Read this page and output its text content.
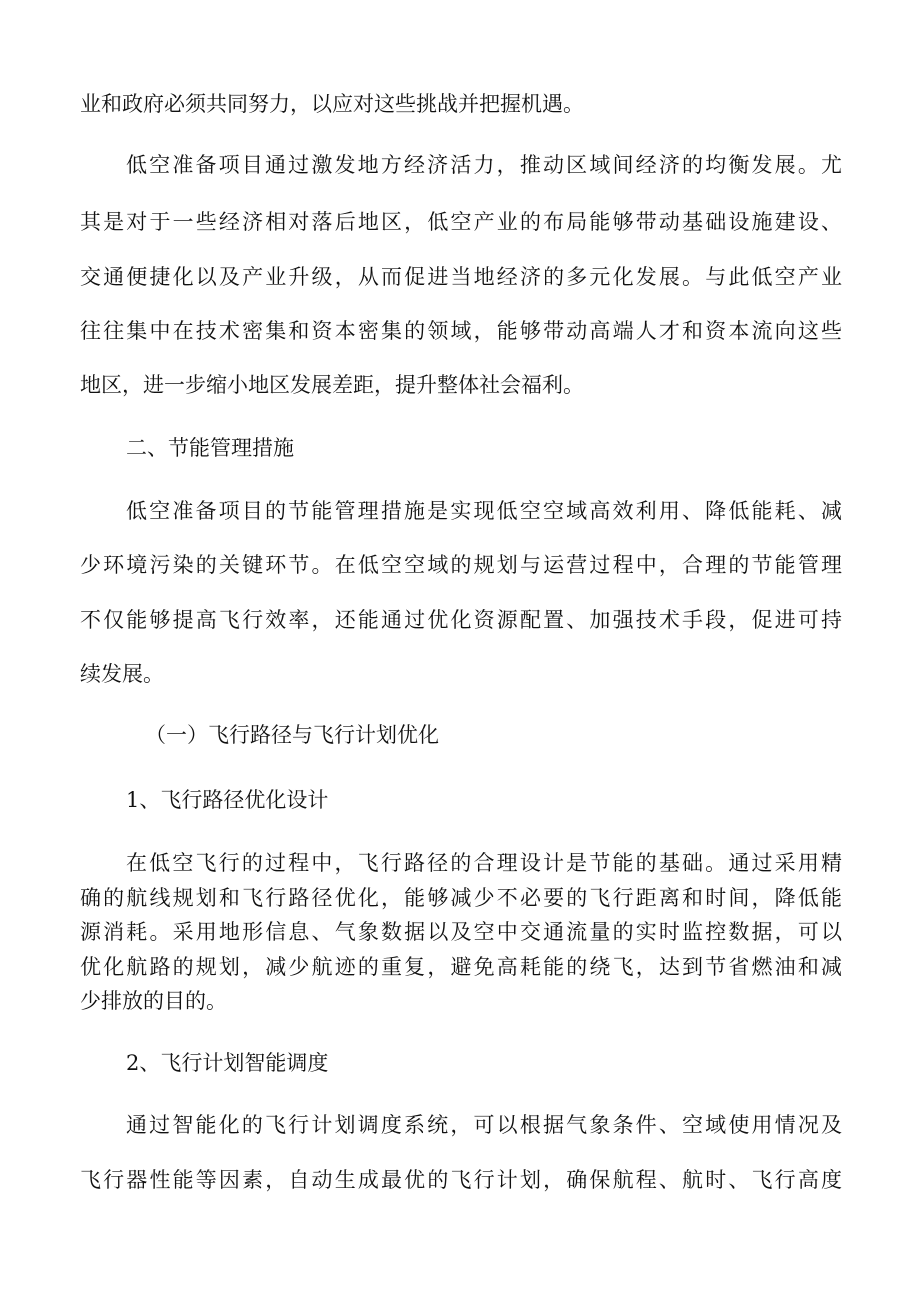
业和政府必须共同努力，以应对这些挑战并把握机遇。
低空准备项目通过激发地方经济活力，推动区域间经济的均衡发展。尤
其是对于一些经济相对落后地区，低空产业的布局能够带动基础设施建设、
交通便捷化以及产业升级，从而促进当地经济的多元化发展。与此低空产业
往往集中在技术密集和资本密集的领域，能够带动高端人才和资本流向这些
地区，进一步缩小地区发展差距，提升整体社会福利。
二、节能管理措施
低空准备项目的节能管理措施是实现低空空域高效利用、降低能耗、减
少环境污染的关键环节。在低空空域的规划与运营过程中，合理的节能管理
不仅能够提高飞行效率，还能通过优化资源配置、加强技术手段，促进可持
续发展。
（一）飞行路径与飞行计划优化
1、飞行路径优化设计
在低空飞行的过程中，飞行路径的合理设计是节能的基础。通过采用精
确的航线规划和飞行路径优化，能够减少不必要的飞行距离和时间，降低能
源消耗。采用地形信息、气象数据以及空中交通流量的实时监控数据，可以
优化航路的规划，减少航迹的重复，避免高耗能的绕飞，达到节省燃油和减
少排放的目的。
2、飞行计划智能调度
通过智能化的飞行计划调度系统，可以根据气象条件、空域使用情况及
飞行器性能等因素，自动生成最优的飞行计划，确保航程、航时、飞行高度
